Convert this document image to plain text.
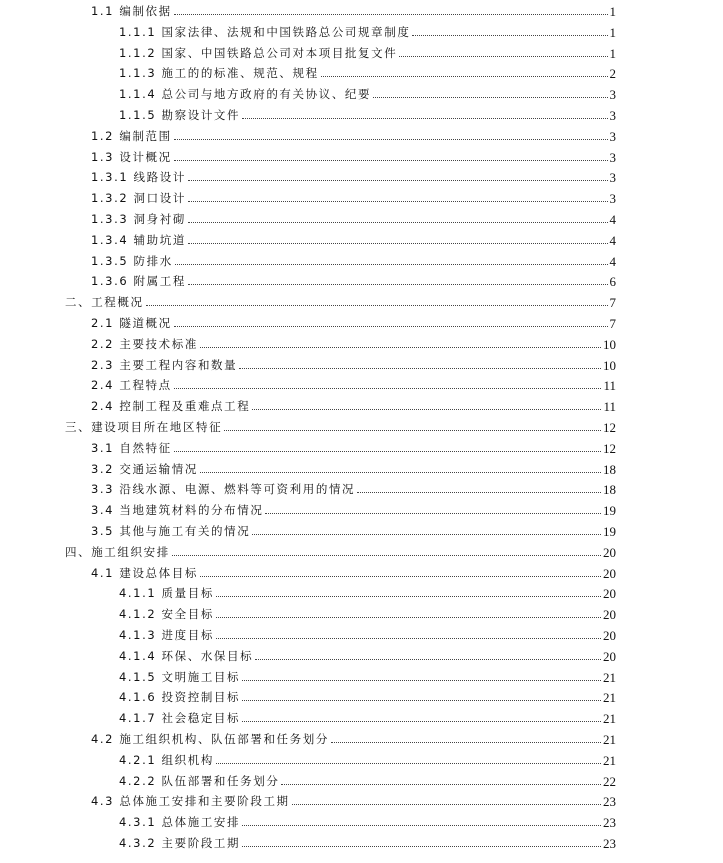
1.1 编制依据	1
1.1.1 国家法律、法规和中国铁路总公司规章制度	1
1.1.2 国家、中国铁路总公司对本项目批复文件	1
1.1.3 施工的的标准、规范、规程	2
1.1.4 总公司与地方政府的有关协议、纪要	3
1.1.5 勘察设计文件	3
1.2 编制范围	3
1.3 设计概况	3
1.3.1 线路设计	3
1.3.2 洞口设计	3
1.3.3 洞身衬砌	4
1.3.4 辅助坑道	4
1.3.5 防排水	4
1.3.6 附属工程	6
二、工程概况	7
2.1 隧道概况	7
2.2 主要技术标准	10
2.3 主要工程内容和数量	10
2.4 工程特点	11
2.4 控制工程及重难点工程	11
三、建设项目所在地区特征	12
3.1 自然特征	12
3.2 交通运输情况	18
3.3 沿线水源、电源、燃料等可资利用的情况	18
3.4 当地建筑材料的分布情况	19
3.5 其他与施工有关的情况	19
四、施工组织安排	20
4.1 建设总体目标	20
4.1.1 质量目标	20
4.1.2 安全目标	20
4.1.3 进度目标	20
4.1.4 环保、水保目标	20
4.1.5 文明施工目标	21
4.1.6 投资控制目标	21
4.1.7 社会稳定目标	21
4.2 施工组织机构、队伍部署和任务划分	21
4.2.1 组织机构	21
4.2.2 队伍部署和任务划分	22
4.3 总体施工安排和主要阶段工期	23
4.3.1 总体施工安排	23
4.3.2 主要阶段工期	23
